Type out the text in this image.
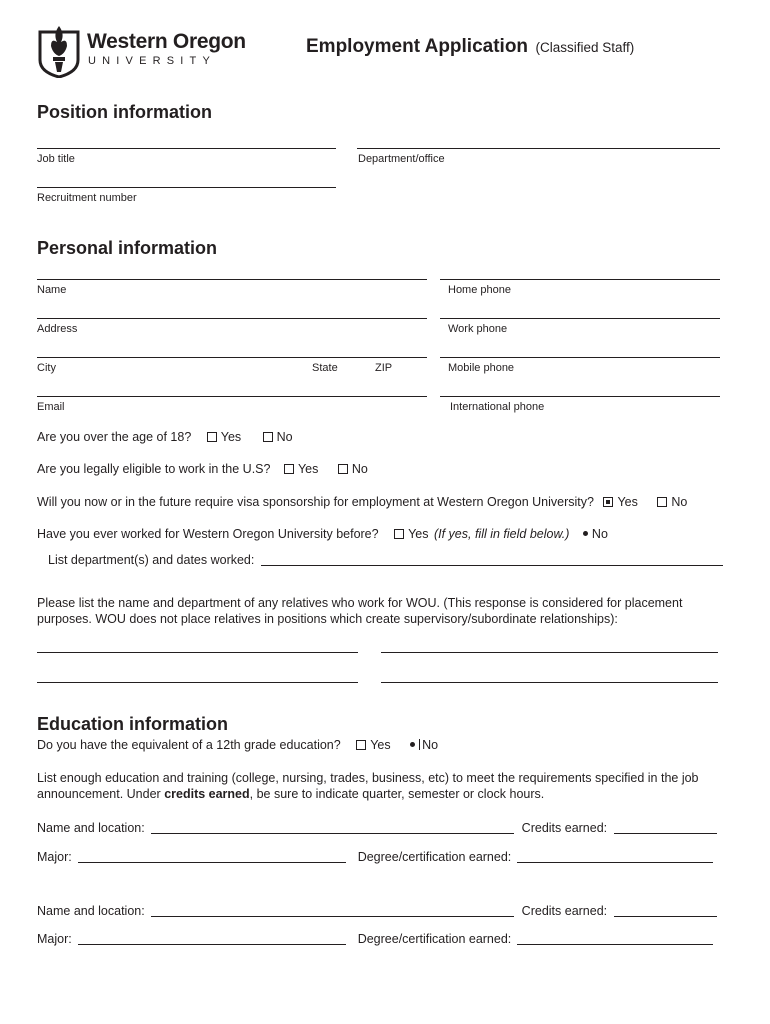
Western Oregon
UNIVERSITY
Employment Application (Classified Staff)
Position information
Job title	Department/office
Recruitment number
Personal information
Name	Home phone
Address	Work phone
City	State	ZIP	Mobile phone
Email	International phone
Are you over the age of 18? Yes	No
Are you legally eligible to work in the U.S? Yes	No
Will you now or in the future require visa sponsorship for employment at Western Oregon University? Yes	No
Have you ever worked for Western Oregon University before? Yes (If yes, fill in field below.) No
List department(s) and dates worked:
Please list the name and department of any relatives who work for WOU. (This response is considered for placement
purposes. WOU does not place relatives in positions which create supervisory/subordinate relationships):
Education information
Do you have the equivalent of a 12th grade education? Yes	No
List enough education and training (college, nursing, trades, business, etc) to meet the requirements specified in the job
announcement. Under credits earned, be sure to indicate quarter, semester or clock hours.
Name and location:	Credits earned:
Major:	Degree/certification earned:
Name and location:	Credits earned:
Major:	Degree/certification earned:
